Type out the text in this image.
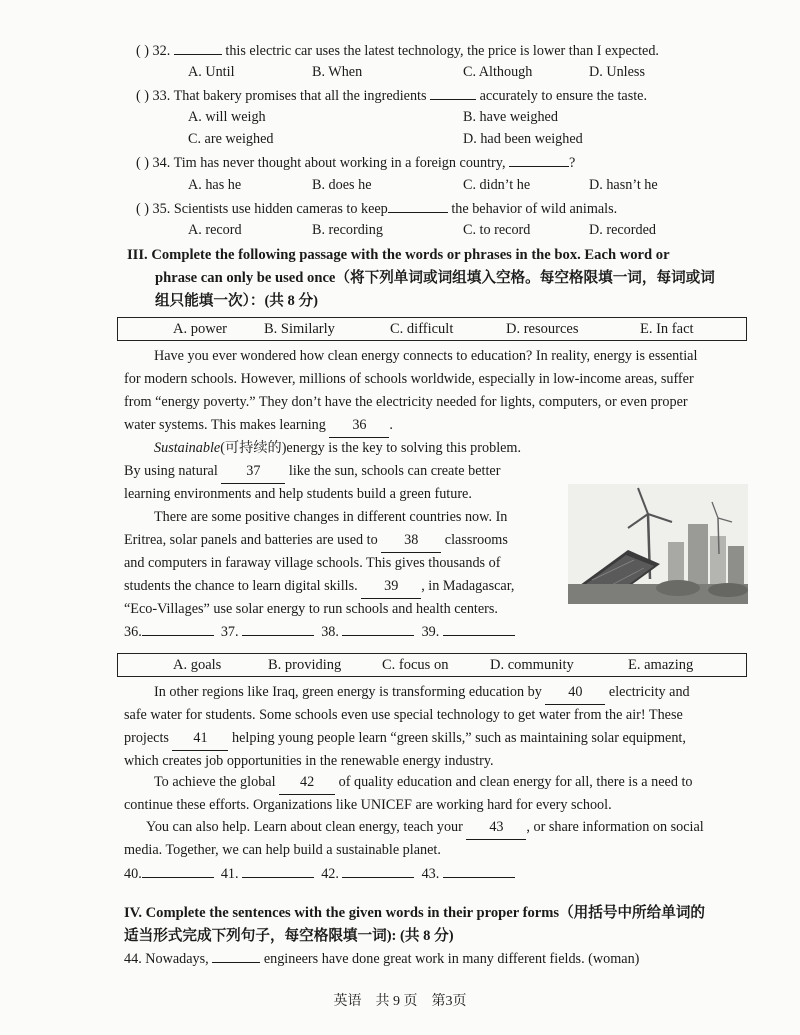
( ) 32.	this electric car uses the latest technology, the price is lower than I expected.
A. Until	B. When	C. Although	D. Unless
( ) 33. That bakery promises that all the ingredients	accurately to ensure the taste.
A. will weigh	B. have weighed
C. are weighed	D. had been weighed
( ) 34. Tim has never thought about working in a foreign country,	?
A. has he	B. does he	C. didn’t he	D. hasn’t he
( ) 35. Scientists use hidden cameras to keep	the behavior of wild animals.
A. record	B. recording	C. to record	D. recorded
III. Complete the following passage with the words or phrases in the box. Each word or
phrase can only be used once（将下列单词或词组填入空格。每空格限填一词，每词或词
组只能填一次）：(共 8 分)
A. power	B. Similarly	C. difficult	D. resources	E. In fact
Have you ever wondered how clean energy connects to education? In reality, energy is essential
for modern schools. However, millions of schools worldwide, especially in low-income areas, suffer
from “energy poverty.” They don’t have the electricity needed for lights, computers, or even proper
water systems. This makes learning 36 .
Sustainable(可持续的)energy is the key to solving this problem.
By using natural 37 like the sun, schools can create better
learning environments and help students build a green future.
There are some positive changes in different countries now. In
Eritrea, solar panels and batteries are used to 38 classrooms
and computers in faraway village schools. This gives thousands of
students the chance to learn digital skills. 39 , in Madagascar,
“Eco-Villages” use solar energy to run schools and health centers.
36.	37.	38.	39.
A. goals	B. providing	C. focus on	D. community	E. amazing
In other regions like Iraq, green energy is transforming education by 40 electricity and
safe water for students. Some schools even use special technology to get water from the air! These
projects 41 helping young people learn “green skills,” such as maintaining solar equipment,
which creates job opportunities in the renewable energy industry.
To achieve the global 42 of quality education and clean energy for all, there is a need to
continue these efforts. Organizations like UNICEF are working hard for every school.
You can also help. Learn about clean energy, teach your 43 , or share information on social
media. Together, we can help build a sustainable planet.
40.	41.	42.	43.
IV. Complete the sentences with the given words in their proper forms（用括号中所给单词的
适当形式完成下列句子，每空格限填一词): (共 8 分)
44. Nowadays,	engineers have done great work in many different fields. (woman)
英语　共 9 页　第3页
